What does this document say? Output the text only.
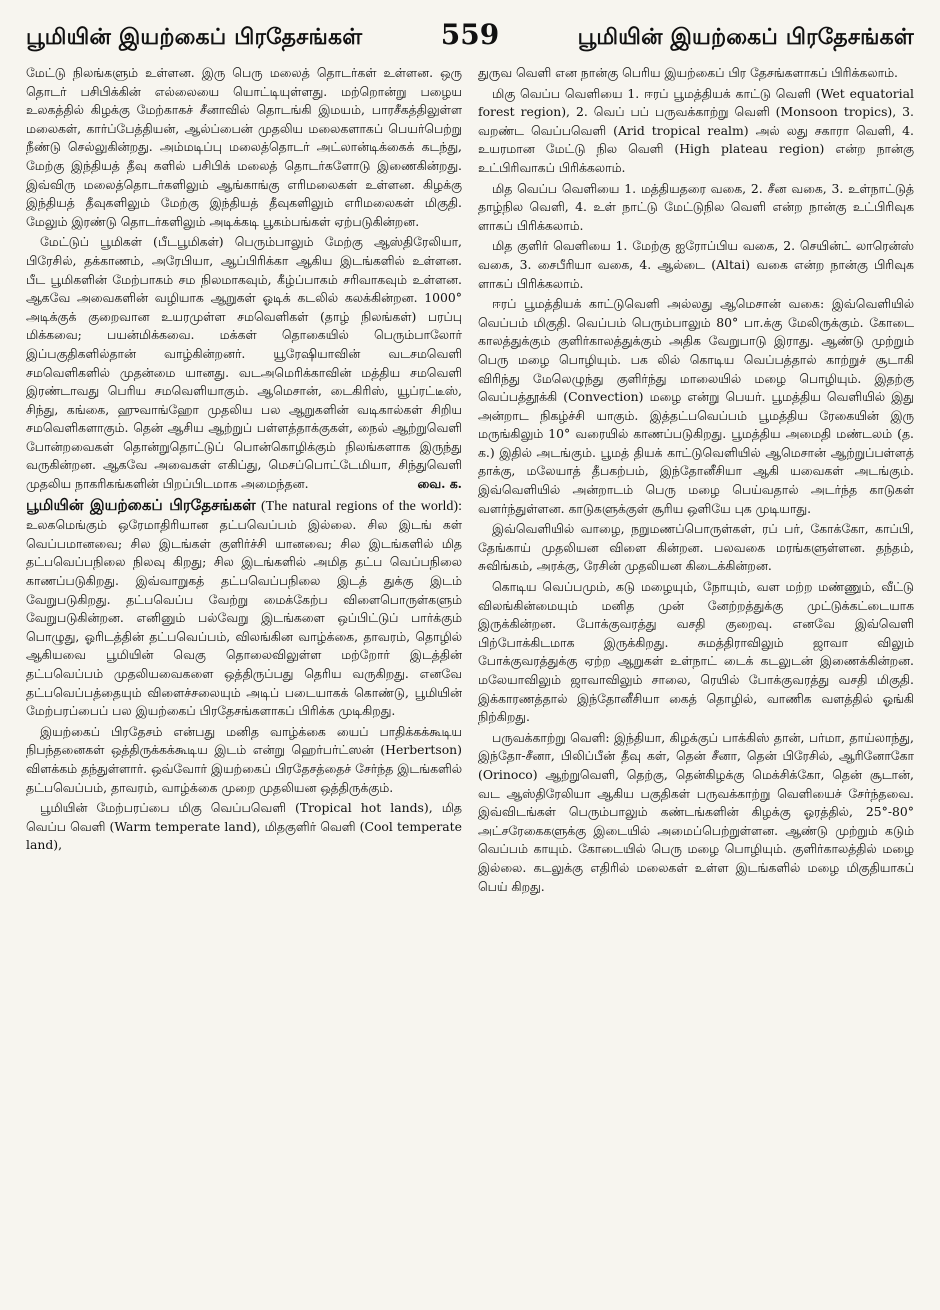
பூமியின் இயற்கைப் பிரதேசங்கள்	559	பூமியின் இயற்கைப் பிரதேசங்கள்

மேட்டு நிலங்களும் உள்ளன. இரு பெரு மலைத் தொடர்கள் உள்ளன. ஒரு தொடர் பசிபிக்கின் எல்லையை யொட்டியுள்ளது. மற்றொன்று பழைய உலகத்தில் கிழக்கு மேற்காகச் சீனாவில் தொடங்கி இமயம், பாரசீகத்திலுள்ள மலைகள், கார்ப்பேத்தியன், ஆல்ப்பைன் முதலிய மலைகளாகப் பெயர்பெற்று நீண்டு செல்லுகின்றது. அம்மடிப்பு மலைத்தொடர் அட்லான்டிக்கைக் கடந்து, மேற்கு இந்தியத் தீவு களில் பசிபிக் மலைத் தொடர்களோடு இணைகின்றது. இவ்விரு மலைத்தொடர்களிலும் ஆங்காங்கு எரிமலைகள் உள்ளன. கிழக்கு இந்தியத் தீவுகளிலும் மேற்கு இந்தியத் தீவுகளிலும் எரிமலைகள் மிகுதி. மேலும் இரண்டு தொடர்களிலும் அடிக்கடி பூகம்பங்கள் ஏற்படுகின்றன.

மேட்டுப் பூமிகள் (பீடபூமிகள்) பெரும்பாலும் மேற்கு ஆஸ்திரேலியா, பிரேசில், தக்காணம், அரேபியா, ஆப்பிரிக்கா ஆகிய இடங்களில் உள்ளன. பீட பூமிகளின் மேற்பாகம் சம நிலமாகவும், கீழ்ப்பாகம் சரிவாகவும் உள்ளன. ஆகவே அவைகளின் வழியாக ஆறுகள் ஓடிக் கடலில் கலக்கின்றன. 1000° அடிக்குக் குறைவான உயரமுள்ள சமவெளிகள் (தாழ் நிலங்கள்) பரப்பு மிக்கவை; பயன்மிக்கவை. மக்கள் தொகையில் பெரும்பாலோர் இப்பகுதிகளில்தான் வாழ்கின்றனர். யூரேஷியாவின் வடசமவெளி சமவெளிகளில் முதன்மை யானது. வடஅமெரிக்காவின் மத்திய சமவெளி இரண்டாவது பெரிய சமவெளியாகும். ஆமெசான், டைகிரிஸ், யூப்ரட்டீஸ், சிந்து, கங்கை, ஹுவாங்ஹோ முதலிய பல ஆறுகளின் வடிகால்கள் சிறிய சமவெளிகளாகும். தென் ஆசிய ஆற்றுப் பள்ளத்தாக்குகள், நைல் ஆற்றுவெளி போன்றவைகள் தொன்றுதொட்டுப் பொன்கொழிக்கும் நிலங்களாக இருந்து வருகின்றன. ஆகவே அவைகள் எகிப்து, மெசப்பொட்டேமியா, சிந்துவெளி முதலிய நாகரிகங்களின் பிறப்பிடமாக அமைந்தன.	வை. க.

பூமியின் இயற்கைப் பிரதேசங்கள் (The natural regions of the world): உலகமெங்கும் ஒரேமாதிரியான தட்பவெப்பம் இல்லை. சில இடங் கள் வெப்பமானவை; சில இடங்கள் குளிர்ச்சி யானவை; சில இடங்களில் மித தட்பவெப்பநிலை நிலவு கிறது; சில இடங்களில் அமித தட்ப வெப்பநிலை காணப்படுகிறது. இவ்வாறுகத் தட்பவெப்பநிலை இடத் துக்கு இடம் வேறுபடுகிறது. தட்பவெப்ப வேற்று மைக்கேற்ப விளைபொருள்களும் வேறுபடுகின்றன. எனினும் பல்வேறு இடங்களை ஒப்பிட்டுப் பார்க்கும் பொழுது, ஓரிடத்தின் தட்பவெப்பம், விலங்கின வாழ்க்கை, தாவரம், தொழில் ஆகியவை பூமியின் வெகு தொலைவிலுள்ள மற்றோர் இடத்தின் தட்பவெப்பம் முதலியவைகளை ஒத்திருப்பது தெரிய வருகிறது. எனவே தட்பவெப்பத்தையும் விளைச்சலையும் அடிப் படையாகக் கொண்டு, பூமியின் மேற்பரப்பைப் பல இயற்கைப் பிரதேசங்களாகப் பிரிக்க முடிகிறது.

இயற்கைப் பிரதேசம் என்பது மனித வாழ்க்கை யைப் பாதிக்கக்கூடிய நிபந்தனைகள் ஒத்திருக்கக்கூடிய இடம் என்று ஹெர்பர்ட்ஸன் (Herbertson) விளக்கம் தந்துள்ளார். ஒவ்வோர் இயற்கைப் பிரதேசத்தைச் சேர்ந்த இடங்களில் தட்பவெப்பம், தாவரம், வாழ்க்கை முறை முதலியன ஒத்திருக்கும்.

பூமியின் மேற்பரப்பை மிகு வெப்பவெளி (Tropical hot lands), மித வெப்ப வெளி (Warm temperate land), மிதகுளிர் வெளி (Cool temperate land),

துருவ வெளி என நான்கு பெரிய இயற்கைப் பிர தேசங்களாகப் பிரிக்கலாம்.

மிகு வெப்ப வெளியை 1. ஈரப் பூமத்தியக் காட்டு வெளி (Wet equatorial forest region), 2. வெப் பப் பருவக்காற்று வெளி (Monsoon tropics), 3. வறண்ட வெப்பவெளி (Arid tropical realm) அல் லது சகாரா வெளி, 4. உயரமான மேட்டு நில வெளி (High plateau region) என்ற நான்கு உட்பிரிவாகப் பிரிக்கலாம்.

மித வெப்ப வெளியை 1. மத்தியதரை வகை, 2. சீன வகை, 3. உள்நாட்டுத் தாழ்நில வெளி, 4. உள் நாட்டு மேட்டுநில வெளி என்ற நான்கு உட்பிரிவுக ளாகப் பிரிக்கலாம்.

மித குளிர் வெளியை 1. மேற்கு ஐரோப்பிய வகை, 2. செயின்ட் லாரென்ஸ் வகை, 3. சைபீரியா வகை, 4. ஆல்டை (Altai) வகை என்ற நான்கு பிரிவுக ளாகப் பிரிக்கலாம்.

ஈரப் பூமத்தியக் காட்டுவெளி அல்லது ஆமெசான் வகை: இவ்வெளியில் வெப்பம் மிகுதி. வெப்பம் பெரும்பாலும் 80° பா.க்கு மேலிருக்கும். கோடை காலத்துக்கும் குளிர்காலத்துக்கும் அதிக வேறுபாடு இராது. ஆண்டு முற்றும் பெரு மழை பொழியும். பக லில் கொடிய வெப்பத்தால் காற்றுச் சூடாகி விரிந்து மேலெழுந்து குளிர்ந்து மாலையில் மழை பொழியும். இதற்கு வெப்பத்தூக்கி (Convection) மழை என்று பெயர். பூமத்திய வெளியில் இது அன்றாட நிகழ்ச்சி யாகும். இத்தட்பவெப்பம் பூமத்திய ரேகையின் இரு மருங்கிலும் 10° வரையில் காணப்படுகிறது. பூமத்திய அமைதி மண்டலம் (த. க.) இதில் அடங்கும். பூமத் தியக் காட்டுவெளியில் ஆமெசான் ஆற்றுப்பள்ளத் தாக்கு, மலேயாத் தீபகற்பம், இந்தோனீசியா ஆகி யவைகள் அடங்கும். இவ்வெளியில் அன்றாடம் பெரு மழை பெய்வதால் அடர்ந்த காடுகள் வளர்ந்துள்ளன. காடுகளுக்குள் சூரிய ஒளியே புக முடியாது.

இவ்வெளியில் வாழை, நறுமணப்பொருள்கள், ரப் பர், கோக்கோ, காப்பி, தேங்காய் முதலியன விளை கின்றன. பலவகை மரங்களுள்ளன. தந்தம், சுவிங்கம், அரக்கு, ரேசின் முதலியன கிடைக்கின்றன.

கொடிய வெப்பமும், கடு மழையும், நோயும், வள மற்ற மண்ணும், வீட்டு விலங்கின்மையும் மனித முன் னேற்றத்துக்கு முட்டுக்கட்டையாக இருக்கின்றன. போக்குவரத்து வசதி குறைவு. எனவே இவ்வெளி பிற்போக்கிடமாக இருக்கிறது. சுமத்திராவிலும் ஜாவா விலும் போக்குவரத்துக்கு ஏற்ற ஆறுகள் உள்நாட் டைக் கடலுடன் இணைக்கின்றன. மலேயாவிலும் ஜாவாவிலும் சாலை, ரெயில் போக்குவரத்து வசதி மிகுதி. இக்காரணத்தால் இந்தோனீசியா கைத் தொழில், வாணிக வளத்தில் ஓங்கி நிற்கிறது.

பருவக்காற்று வெளி: இந்தியா, கிழக்குப் பாக்கிஸ் தான், பர்மா, தாய்லாந்து, இந்தோ-சீனா, பிலிப்பீன் தீவு கள், தென் சீனா, தென் பிரேசில், ஆரினோகோ (Orinoco) ஆற்றுவெளி, தெற்கு, தென்கிழக்கு மெக்சிக்கோ, தென் சூடான், வட ஆஸ்திரேலியா ஆகிய பகுதிகள் பருவக்காற்று வெளியைச் சேர்ந்தவை. இவ்விடங்கள் பெரும்பாலும் கண்டங்களின் கிழக்கு ஓரத்தில், 25°-80° அட்சரேகைகளுக்கு இடையில் அமைப்பெற்றுள்ளன. ஆண்டு முற்றும் கடும் வெப்பம் காயும். கோடையில் பெரு மழை பொழியும். குளிர்காலத்தில் மழை இல்லை. கடலுக்கு எதிரில் மலைகள் உள்ள இடங்களில் மழை மிகுதியாகப் பெய் கிறது.
